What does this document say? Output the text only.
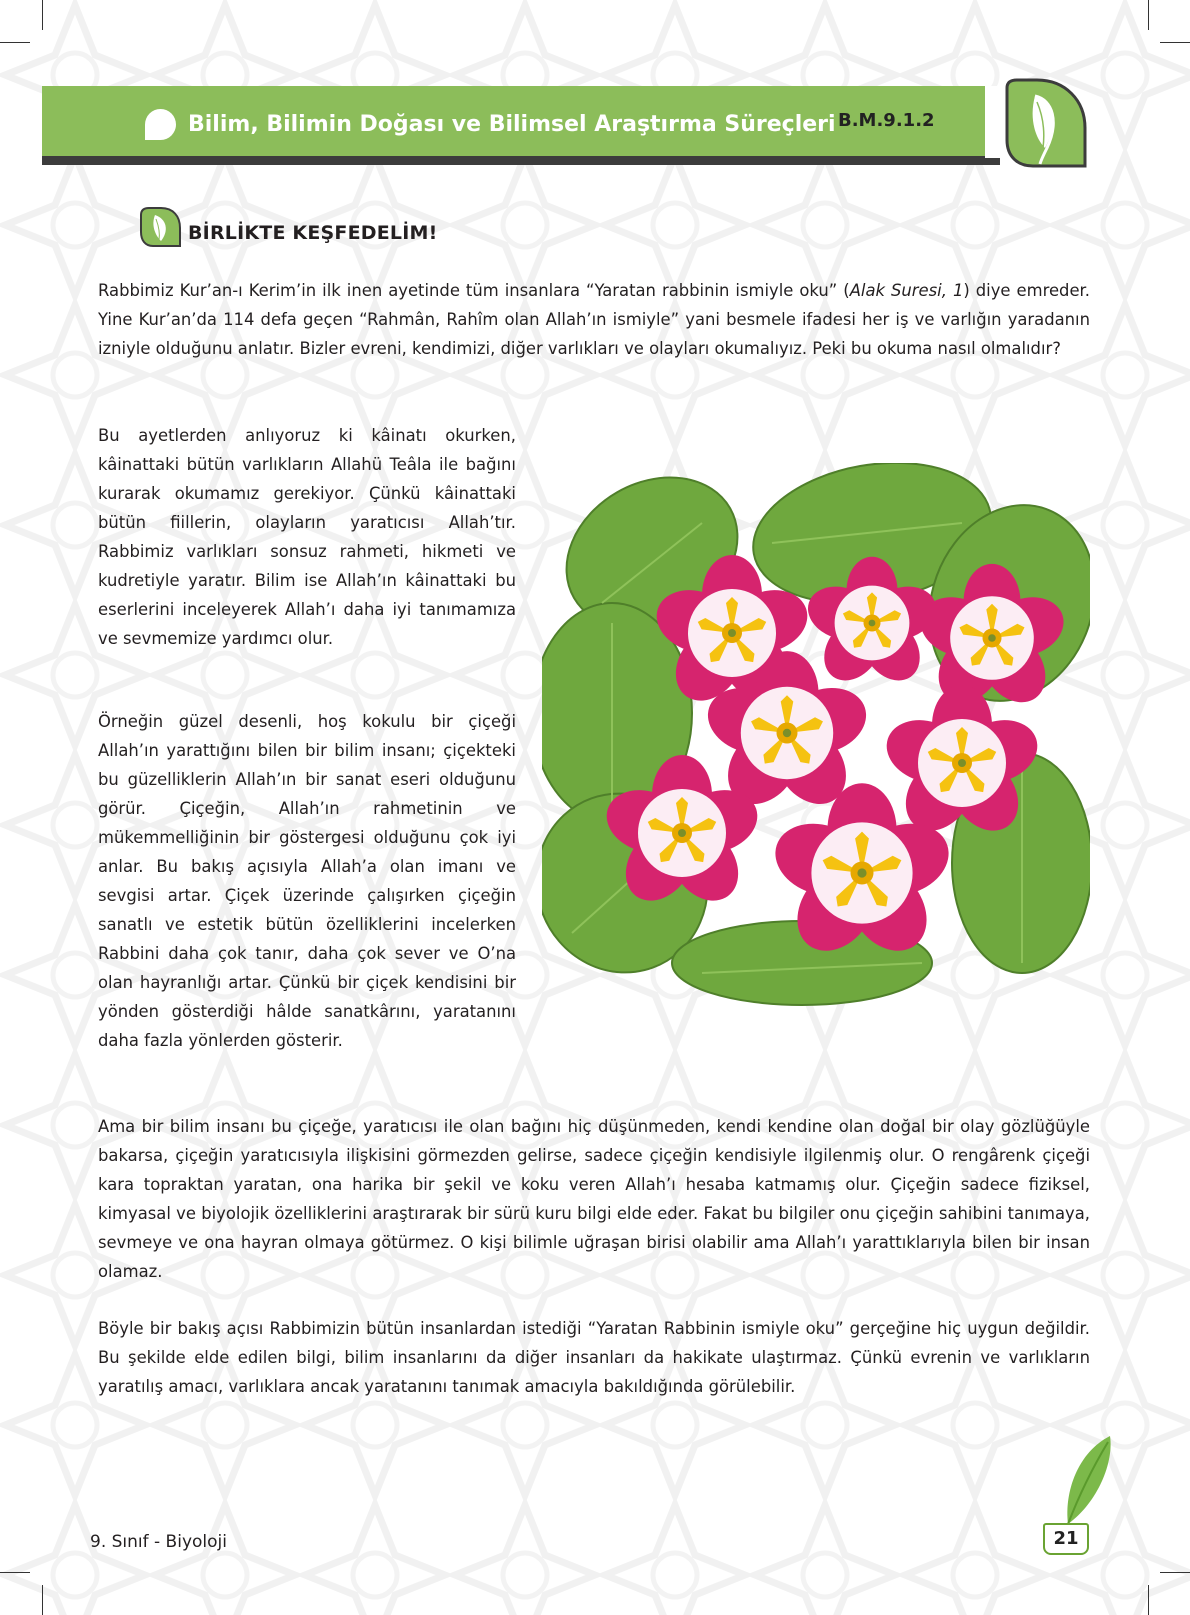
Bilim, Bilimin Doğası ve Bilimsel Araştırma Süreçleri B.M.9.1.2
BİRLİKTE KEŞFEDELİM!

Rabbimiz Kur’an-ı Kerim’in ilk inen ayetinde tüm insanlara “Yaratan rabbinin ismiyle oku” (Alak Suresi, 1) diye emreder. Yine Kur’an’da 114 defa geçen “Rahmân, Rahîm olan Allah’ın ismiyle” yani besmele ifadesi her iş ve varlığın yaradanın izniyle olduğunu anlatır. Bizler evreni, kendimizi, diğer varlıkları ve olayları okumalıyız. Peki bu okuma nasıl olmalıdır?

Bu ayetlerden anlıyoruz ki kâinatı okurken, kâinattaki bütün varlıkların Allahü Teâla ile bağını kurarak okumamız gerekiyor. Çünkü kâinattaki bütün fiillerin, olayların yaratıcısı Allah’tır. Rabbimiz varlıkları sonsuz rahmeti, hikmeti ve kudretiyle yaratır. Bilim ise Allah’ın kâinattaki bu eserlerini inceleyerek Allah’ı daha iyi tanımamıza ve sevmemize yardımcı olur.

Örneğin güzel desenli, hoş kokulu bir çiçeği Allah’ın yarattığını bilen bir bilim insanı; çiçekteki bu güzelliklerin Allah’ın bir sanat eseri olduğunu görür. Çiçeğin, Allah’ın rahmetinin ve mükemmelliğinin bir göstergesi olduğunu çok iyi anlar. Bu bakış açısıyla Allah’a olan imanı ve sevgisi artar. Çiçek üzerinde çalışırken çiçeğin sanatlı ve estetik bütün özelliklerini incelerken Rabbini daha çok tanır, daha çok sever ve O’na olan hayranlığı artar. Çünkü bir çiçek kendisini bir yönden gösterdiği hâlde sanatkârını, yaratanını daha fazla yönlerden gösterir.

Ama bir bilim insanı bu çiçeğe, yaratıcısı ile olan bağını hiç düşünmeden, kendi kendine olan doğal bir olay gözlüğüyle bakarsa, çiçeğin yaratıcısıyla ilişkisini görmezden gelirse, sadece çiçeğin kendisiyle ilgilenmiş olur. O rengârenk çiçeği kara topraktan yaratan, ona harika bir şekil ve koku veren Allah’ı hesaba katmamış olur. Çiçeğin sadece fiziksel, kimyasal ve biyolojik özelliklerini araştırarak bir sürü kuru bilgi elde eder. Fakat bu bilgiler onu çiçeğin sahibini tanımaya, sevmeye ve ona hayran olmaya götürmez. O kişi bilimle uğraşan birisi olabilir ama Allah’ı yarattıklarıyla bilen bir insan olamaz.

Böyle bir bakış açısı Rabbimizin bütün insanlardan istediği “Yaratan Rabbinin ismiyle oku” gerçeğine hiç uygun değildir. Bu şekilde elde edilen bilgi, bilim insanlarını da diğer insanları da hakikate ulaştırmaz. Çünkü evrenin ve varlıkların yaratılış amacı, varlıklara ancak yaratanını tanımak amacıyla bakıldığında görülebilir.

9. Sınıf - Biyoloji	21
